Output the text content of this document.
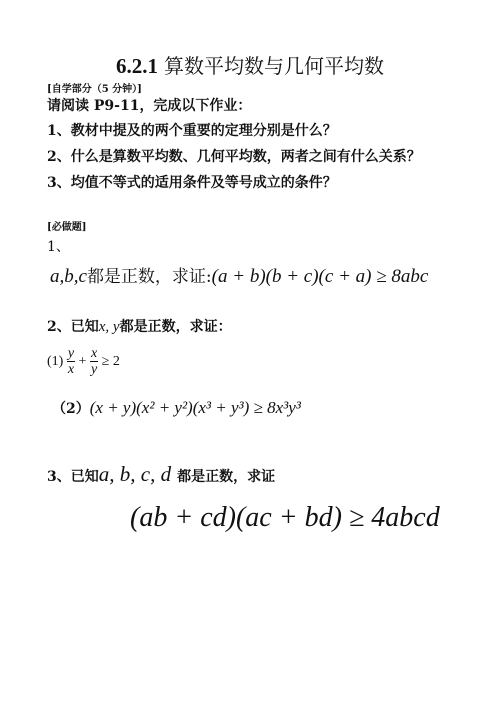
6.2.1 算数平均数与几何平均数
[自学部分（5 分钟）]
请阅读 P9-11，完成以下作业：
1、教材中提及的两个重要的定理分别是什么？
2、什么是算数平均数、几何平均数，两者之间有什么关系？
3、均值不等式的适用条件及等号成立的条件？
[必做题]
1、
a,b,c都是正数，求证:(a + b)(b + c)(c + a) ≥ 8abc
2、已知x, y都是正数，求证：
$(1) \frac{y}{x} + \frac{x}{y} \ge 2$
（2）(x + y)(x² + y²)(x³ + y³) ≥ 8x³y³
3、已知a, b, c, d 都是正数，求证
(ab + cd)(ac + bd) ≥ 4abcd
